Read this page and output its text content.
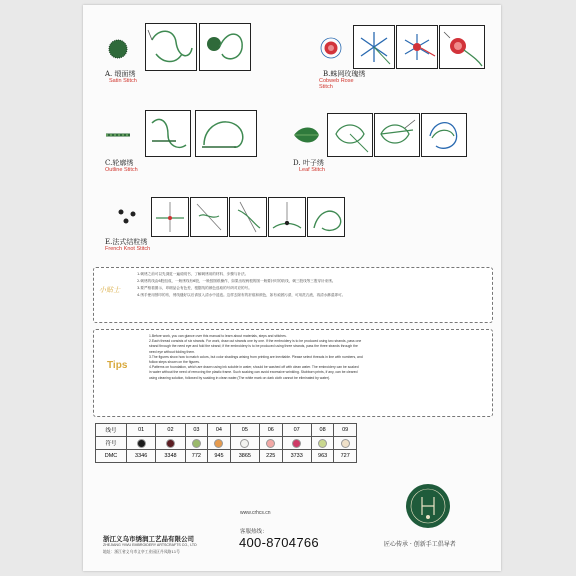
A. 缎面绣
Satin Stitch
B.蛛网玫瑰绣
Cobweb Rose Stitch
C.轮廓绣
Outline Stitch
D. 叶子绣
Leaf Stitch
E.法式结粒绣
French Knot Stitch
小贴士
1.刺绣之前可以先浏览一遍说明书，了解刺绣用的材料、步骤与针法。
2.刺绣的线由6股组成，一般绣线有6股，一般按图纸操作，如果出现两根的图一般要针时的收线，刺三股线等三股穿针来绣。
3.要严格看图示，印刷品会有色差，根据线的颜色选取的号码对应的号。
4.绣手使用预印的布，绣线缝好以后请放入清水中浸泡。这样去除布的折痕和颜色，如有顽固污渍，可用洗衣液，再清水淋湿即可。
Tips
1.Before work, you can glance over this manual to learn about materials, steps and stitches.
2.Each thread consists of six strands. For work, draw out strands one by one. If the embroidery is to be produced using two strands, pass one
strand through the need eye and fold the strand; if the embroidery is to be produced using three strands, pass the three strands through the
need eye without folding them.
3.The figures show how to match colors, but color shadings arising from printing are inevitable. Please select threads in line with numbers, and
follow steps shown on the figures.
4.Patterns on foundation, which are drawn using ink soluble in water, should be washed off with clean water. The embroidery can be soaked
in water without the need of removing the plastic frame. Such soaking can avoid excessive wrinkling. Stubborn prints, if any, can be cleared
using cleaning solution, followed by soaking in clean water.(The white mark on dark cloth cannot be eliminated by water).
线号	01	02	03	04	05	06	07	08	09
符号									
DMC	3346	3348	772	945	3865	225	3733	963	727
www.crhcs.cn
浙江义乌市绣润工艺品有限公司
ZHEJIANG YIWU EMBROIDERY ARTSCRAFTS CO., LTD
地址：浙江省义乌市义亭工业园区丹凤路11号
客服热线：
400-8704766	匠心传承 · 创新手工倡导者
